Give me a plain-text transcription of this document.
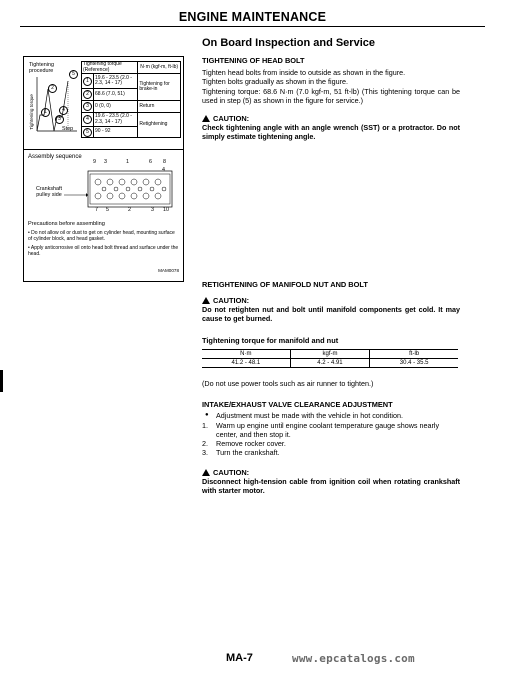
ENGINE MAINTENANCE
Tightening procedure
Tightening torque	1
2
3
4
5
Step
Tightening torque (Reference)		N·m (kgf-m, ft-lb)
1	19.6 - 23.5 (2.0 - 2.3, 14 - 17)	Tightening for brake-in
2	68.6 (7.0, 51)	
3	0 (0, 0)	Return
4	19.6 - 23.5 (2.0 - 2.3, 14 - 17)	Retightening
5	90 - 92	
Assembly sequence
Crankshaft pulley side
9 3	1	6 8
4
7 5	2	3 10
Precautions before assembling
• Do not allow oil or dust to get on cylinder head, mounting surface of cylinder block, and head gasket.
• Apply anticorrosive oil onto head bolt thread and surface under the head.
MAM0078
On Board Inspection and Service
TIGHTENING OF HEAD BOLT
Tighten head bolts from inside to outside as shown in the figure.
Tighten bolts gradually as shown in the figure.
Tightening torque: 68.6 N·m (7.0 kgf-m, 51 ft-lb) (This tightening torque can be used in step (5) as shown in the figure for service.)
CAUTION:
Check tightening angle with an angle wrench (SST) or a protractor. Do not simply estimate tightening angle.
RETIGHTENING OF MANIFOLD NUT AND BOLT
CAUTION:
Do not retighten nut and bolt until manifold components get cold. It may cause to get burned.
Tightening torque for manifold and nut
N·m	kgf-m	ft-lb
41.2 - 48.1	4.2 - 4.91	30.4 - 35.5
(Do not use power tools such as air runner to tighten.)
INTAKE/EXHAUST VALVE CLEARANCE ADJUSTMENT
● Adjustment must be made with the vehicle in hot condition.
1. Warm up engine until engine coolant temperature gauge shows nearly center, and then stop it.
2. Remove rocker cover.
3. Turn the crankshaft.
CAUTION:
Disconnect high-tension cable from ignition coil when rotating crankshaft with starter motor.
MA-7	www.epcatalogs.com
